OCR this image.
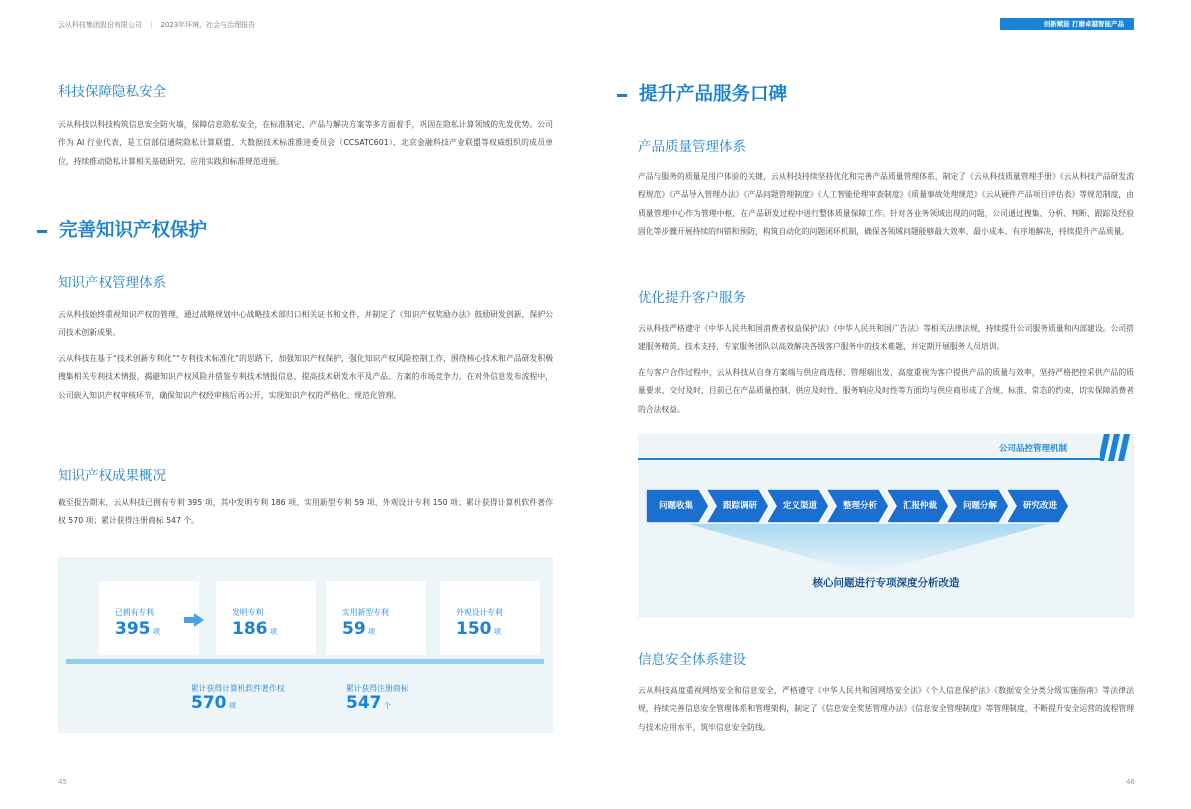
云从科技集团股份有限公司 | 2023年环境、社会与治理报告	创新赋能 打磨卓越智能产品
科技保障隐私安全
云从科技以科技构筑信息安全防火墙，保障信息隐私安全，在标准制定、产品与解决方案等多方面着手，巩固在隐私计算领域的先发优势。公司作为 AI 行业代表，是工信部信通院隐私计算联盟、大数据技术标准推进委员会（CCSATC601）、北京金融科技产业联盟等权威组织的成员单位，持续推动隐私计算相关基础研究、应用实践和标准规范进展。
完善知识产权保护
知识产权管理体系
云从科技始终重视知识产权的管理，通过战略规划中心战略技术部归口相关证书和文件，并制定了《知识产权奖励办法》鼓励研发创新，保护公司技术创新成果。
云从科技在基于“技术创新专利化”“专利技术标准化”的思路下，加强知识产权保护，强化知识产权风险控制工作，围绕核心技术和产品研发积极搜集相关专利技术情报，揭避知识产权风险并借鉴专利技术情报信息，提高技术研发水平及产品、方案的市场竞争力。在对外信息发布流程中，公司嵌入知识产权审核环节，确保知识产权经审核后再公开，实现知识产权的严格化、规范化管理。
知识产权成果概况
截至报告期末，云从科技已拥有专利 395 项，其中发明专利 186 项、实用新型专利 59 项、外观设计专利 150 项；累计获得计算机软件著作权 570 项；累计获得注册商标 547 个。
已拥有专利
395 项
发明专利
186 项
实用新型专利
59 项
外观设计专利
150 项
累计获得计算机软件著作权
570 项
累计获得注册商标
547 个
45
提升产品服务口碑
产品质量管理体系
产品与服务的质量是用户体验的关键，云从科技持续坚持优化和完善产品质量管理体系，制定了《云从科技质量管理手册》《云从科技产品研发流程规范》《产品导入管理办法》《产品问题管理制度》《人工智能伦理审查制度》《质量事故处理规范》《云从硬件产品项目评估表》等规范制度，由质量管理中心作为管理中枢，在产品研发过程中进行整体质量保障工作。针对各业务领域出现的问题，公司通过搜集、分析、判断、跟踪及经验固化等步骤开展持续的纠错和预防，构筑自动化的问题闭环机制，确保各领域问题能够最大效率、最小成本、有序地解决，持续提升产品质量。
优化提升客户服务
云从科技严格遵守《中华人民共和国消费者权益保护法》《中华人民共和国广告法》等相关法律法规，持续提升公司服务质量和内部建设。公司搭建服务精英、技术支持、专家服务团队以高效解决各级客户服务中的技术难题，并定期开展服务人员培训。
在与客户合作过程中，云从科技从自身方案端与供应商选择、管理端出发，高度重视为客户提供产品的质量与效率，坚持严格把控采供产品的质量要求、交付及时，目前已在产品质量控制、供应及时性、服务响应及时性等方面均与供应商形成了合规、标准、常态的约束，切实保障消费者的合法权益。
公司品控管理机制
问题收集	跟踪调研	定义渠道	整理分析	汇报仲裁	问题分解	研究改进
核心问题进行专项深度分析改造
信息安全体系建设
云从科技高度重视网络安全和信息安全，严格遵守《中华人民共和国网络安全法》《个人信息保护法》《数据安全分类分级实施指南》等法律法规，持续完善信息安全管理体系和管理架构，制定了《信息安全奖惩管理办法》《信息安全管理制度》等管理制度，不断提升安全运营的流程管理与技术应用水平，筑牢信息安全防线。
46
